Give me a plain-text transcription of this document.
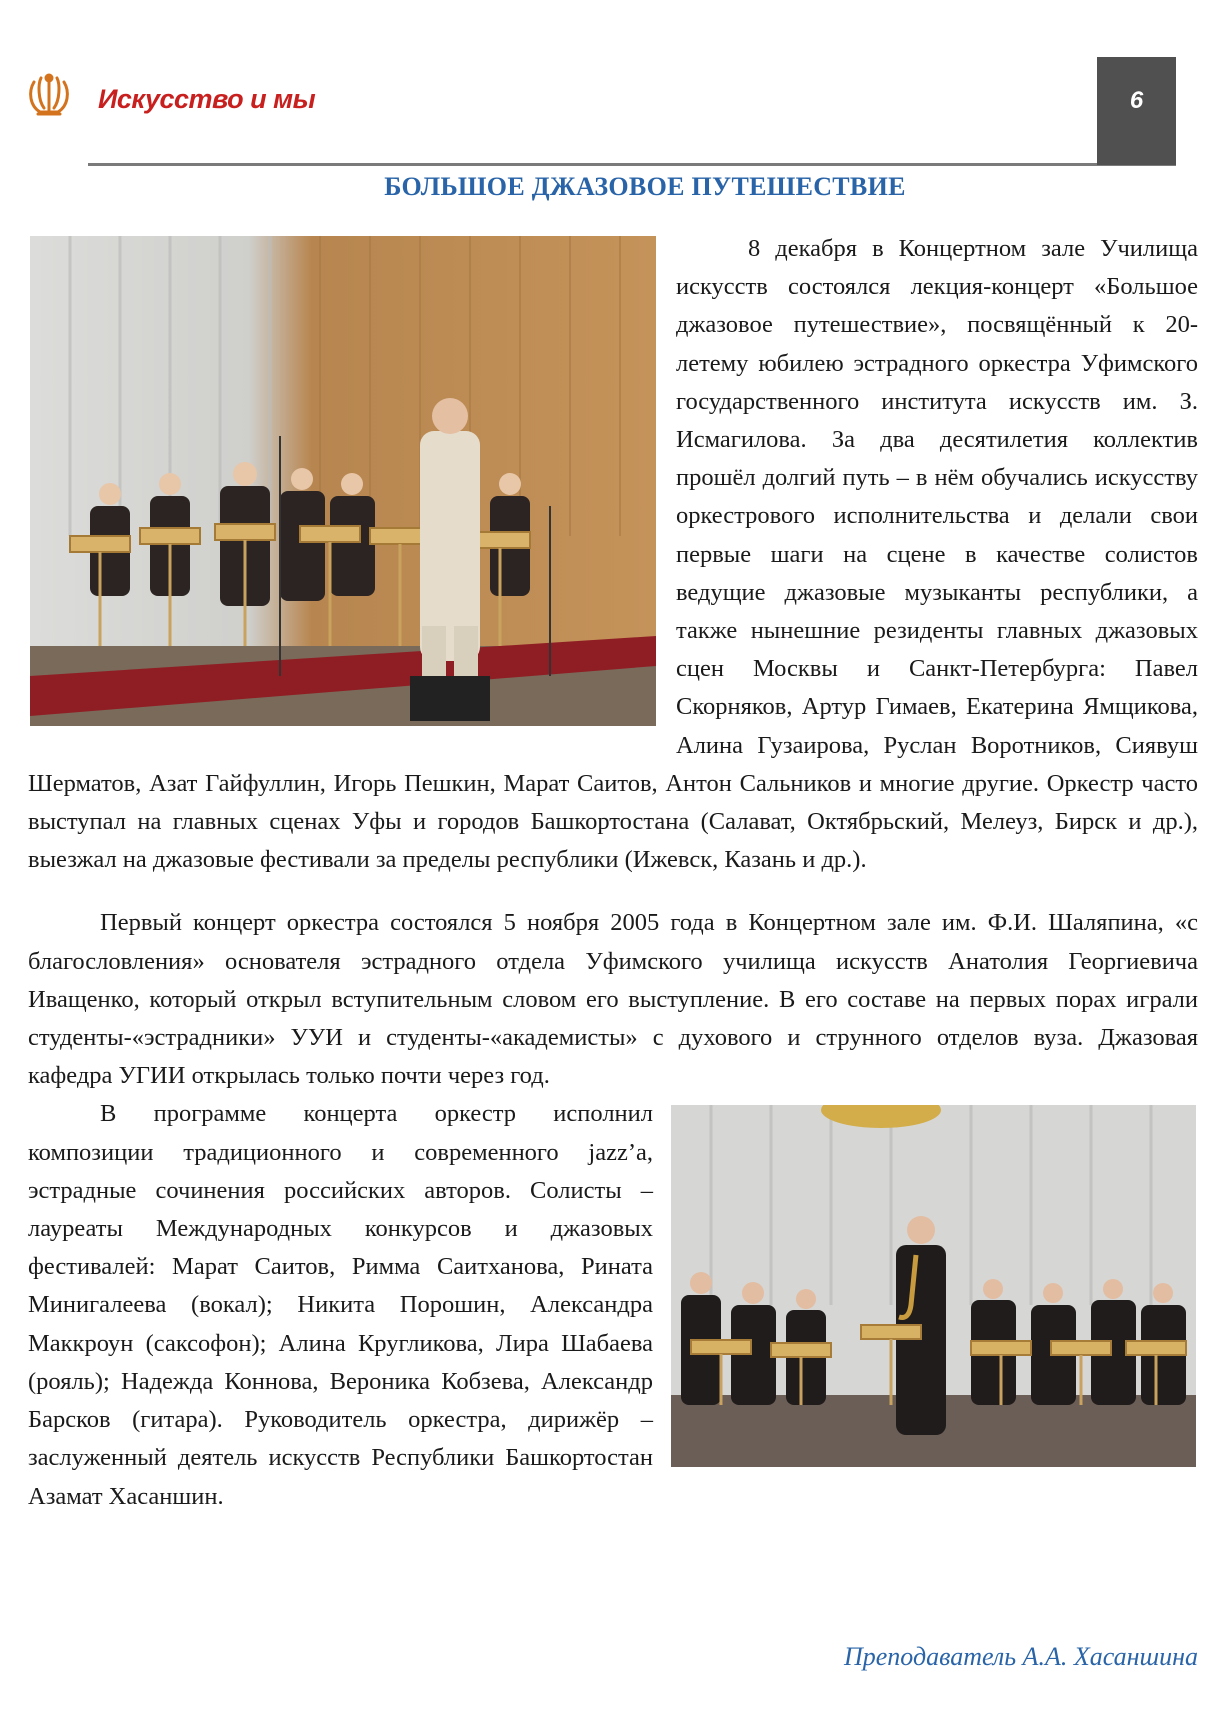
Искусство и мы	6
БОЛЬШОЕ ДЖАЗОВОЕ ПУТЕШЕСТВИЕ

8 декабря в Концертном зале Училища искусств состоялся лекция-концерт «Большое джазовое путешествие», посвящённый к 20-летему юбилею эстрадного оркестра Уфимского государственного института искусств им. З. Исмагилова. За два десятилетия коллектив прошёл долгий путь – в нём обучались искусству оркестрового исполнительства и делали свои первые шаги на сцене в качестве солистов ведущие джазовые музыканты республики, а также нынешние резиденты главных джазовых сцен Москвы и Санкт-Петербурга: Павел Скорняков, Артур Гимаев, Екатерина Ямщикова, Алина Гузаирова, Руслан Воротников, Сиявуш Шерматов, Азат Гайфуллин, Игорь Пешкин, Марат Саитов, Антон Сальников и многие другие. Оркестр часто выступал на главных сценах Уфы и городов Башкортостана (Салават, Октябрьский, Мелеуз, Бирск и др.), выезжал на джазовые фестивали за пределы республики (Ижевск, Казань и др.).

Первый концерт оркестра состоялся 5 ноября 2005 года в Концертном зале им. Ф.И. Шаляпина, «с благословления» основателя эстрадного отдела Уфимского училища искусств Анатолия Георгиевича Иващенко, который открыл вступительным словом его выступление. В его составе на первых порах играли студенты-«эстрадники» УУИ и студенты-«академисты» с духового и струнного отделов вуза. Джазовая кафедра УГИИ открылась только почти через год.

В программе концерта оркестр исполнил композиции традиционного и современного jazz’a, эстрадные сочинения российских авторов. Солисты – лауреаты Международных конкурсов и джазовых фестивалей: Марат Саитов, Римма Саитханова, Рината Минигалеева (вокал); Никита Порошин, Александра Маккроун (саксофон); Алина Кругликова, Лира Шабаева (рояль); Надежда Коннова, Вероника Кобзева, Александр Барсков (гитара). Руководитель оркестра, дирижёр – заслуженный деятель искусств Республики Башкортостан Азамат Хасаншин.

Преподаватель А.А. Хасаншина
